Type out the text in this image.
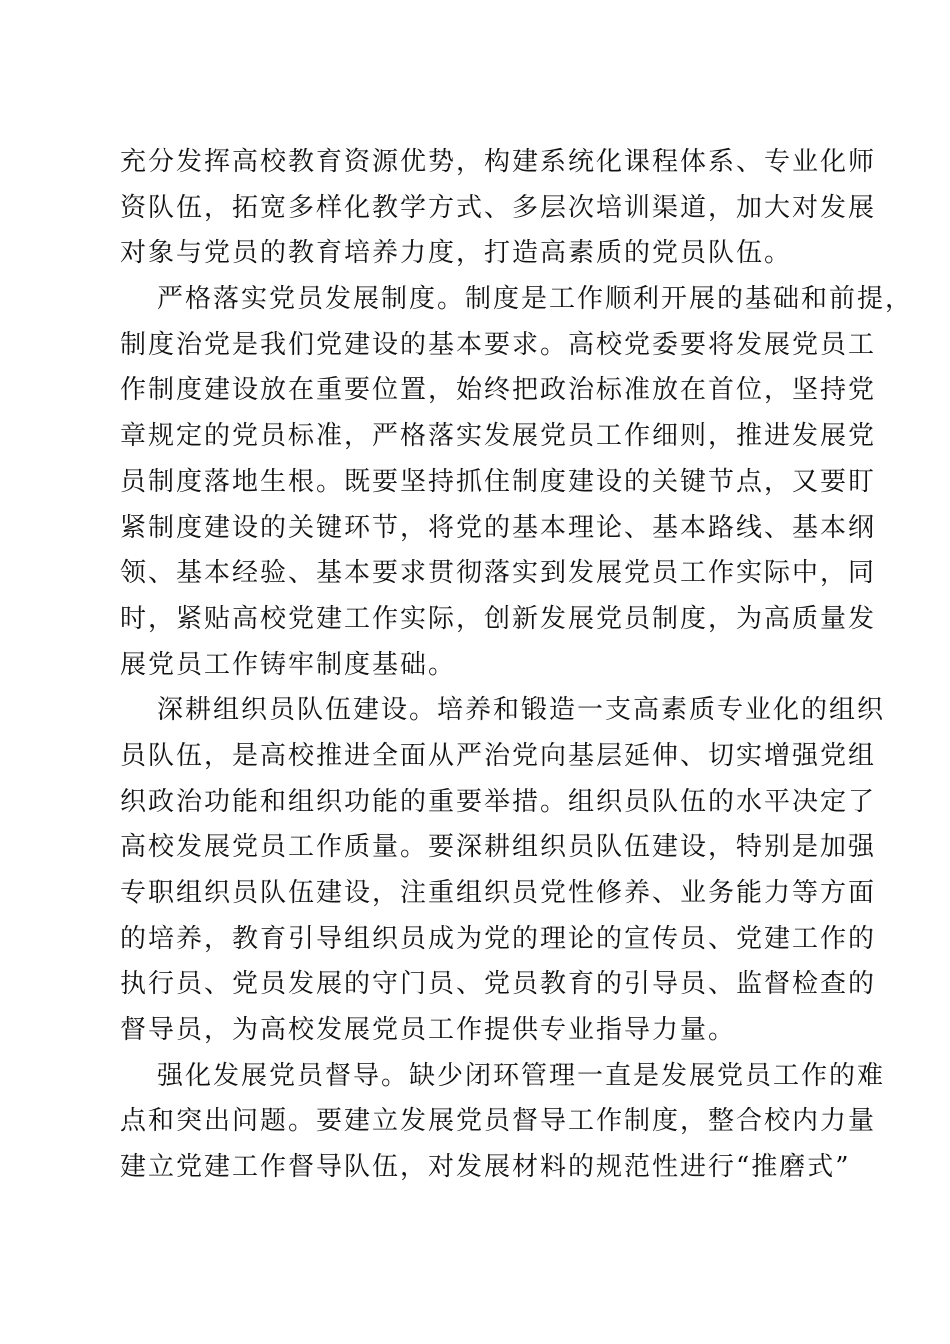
充分发挥高校教育资源优势，构建系统化课程体系、专业化师
资队伍，拓宽多样化教学方式、多层次培训渠道，加大对发展
对象与党员的教育培养力度，打造高素质的党员队伍。
严格落实党员发展制度。制度是工作顺利开展的基础和前提，
制度治党是我们党建设的基本要求。高校党委要将发展党员工
作制度建设放在重要位置，始终把政治标准放在首位，坚持党
章规定的党员标准，严格落实发展党员工作细则，推进发展党
员制度落地生根。既要坚持抓住制度建设的关键节点，又要盯
紧制度建设的关键环节，将党的基本理论、基本路线、基本纲
领、基本经验、基本要求贯彻落实到发展党员工作实际中，同
时，紧贴高校党建工作实际，创新发展党员制度，为高质量发
展党员工作铸牢制度基础。
深耕组织员队伍建设。培养和锻造一支高素质专业化的组织
员队伍，是高校推进全面从严治党向基层延伸、切实增强党组
织政治功能和组织功能的重要举措。组织员队伍的水平决定了
高校发展党员工作质量。要深耕组织员队伍建设，特别是加强
专职组织员队伍建设，注重组织员党性修养、业务能力等方面
的培养，教育引导组织员成为党的理论的宣传员、党建工作的
执行员、党员发展的守门员、党员教育的引导员、监督检查的
督导员，为高校发展党员工作提供专业指导力量。
强化发展党员督导。缺少闭环管理一直是发展党员工作的难
点和突出问题。要建立发展党员督导工作制度，整合校内力量
建立党建工作督导队伍，对发展材料的规范性进行“推磨式”
